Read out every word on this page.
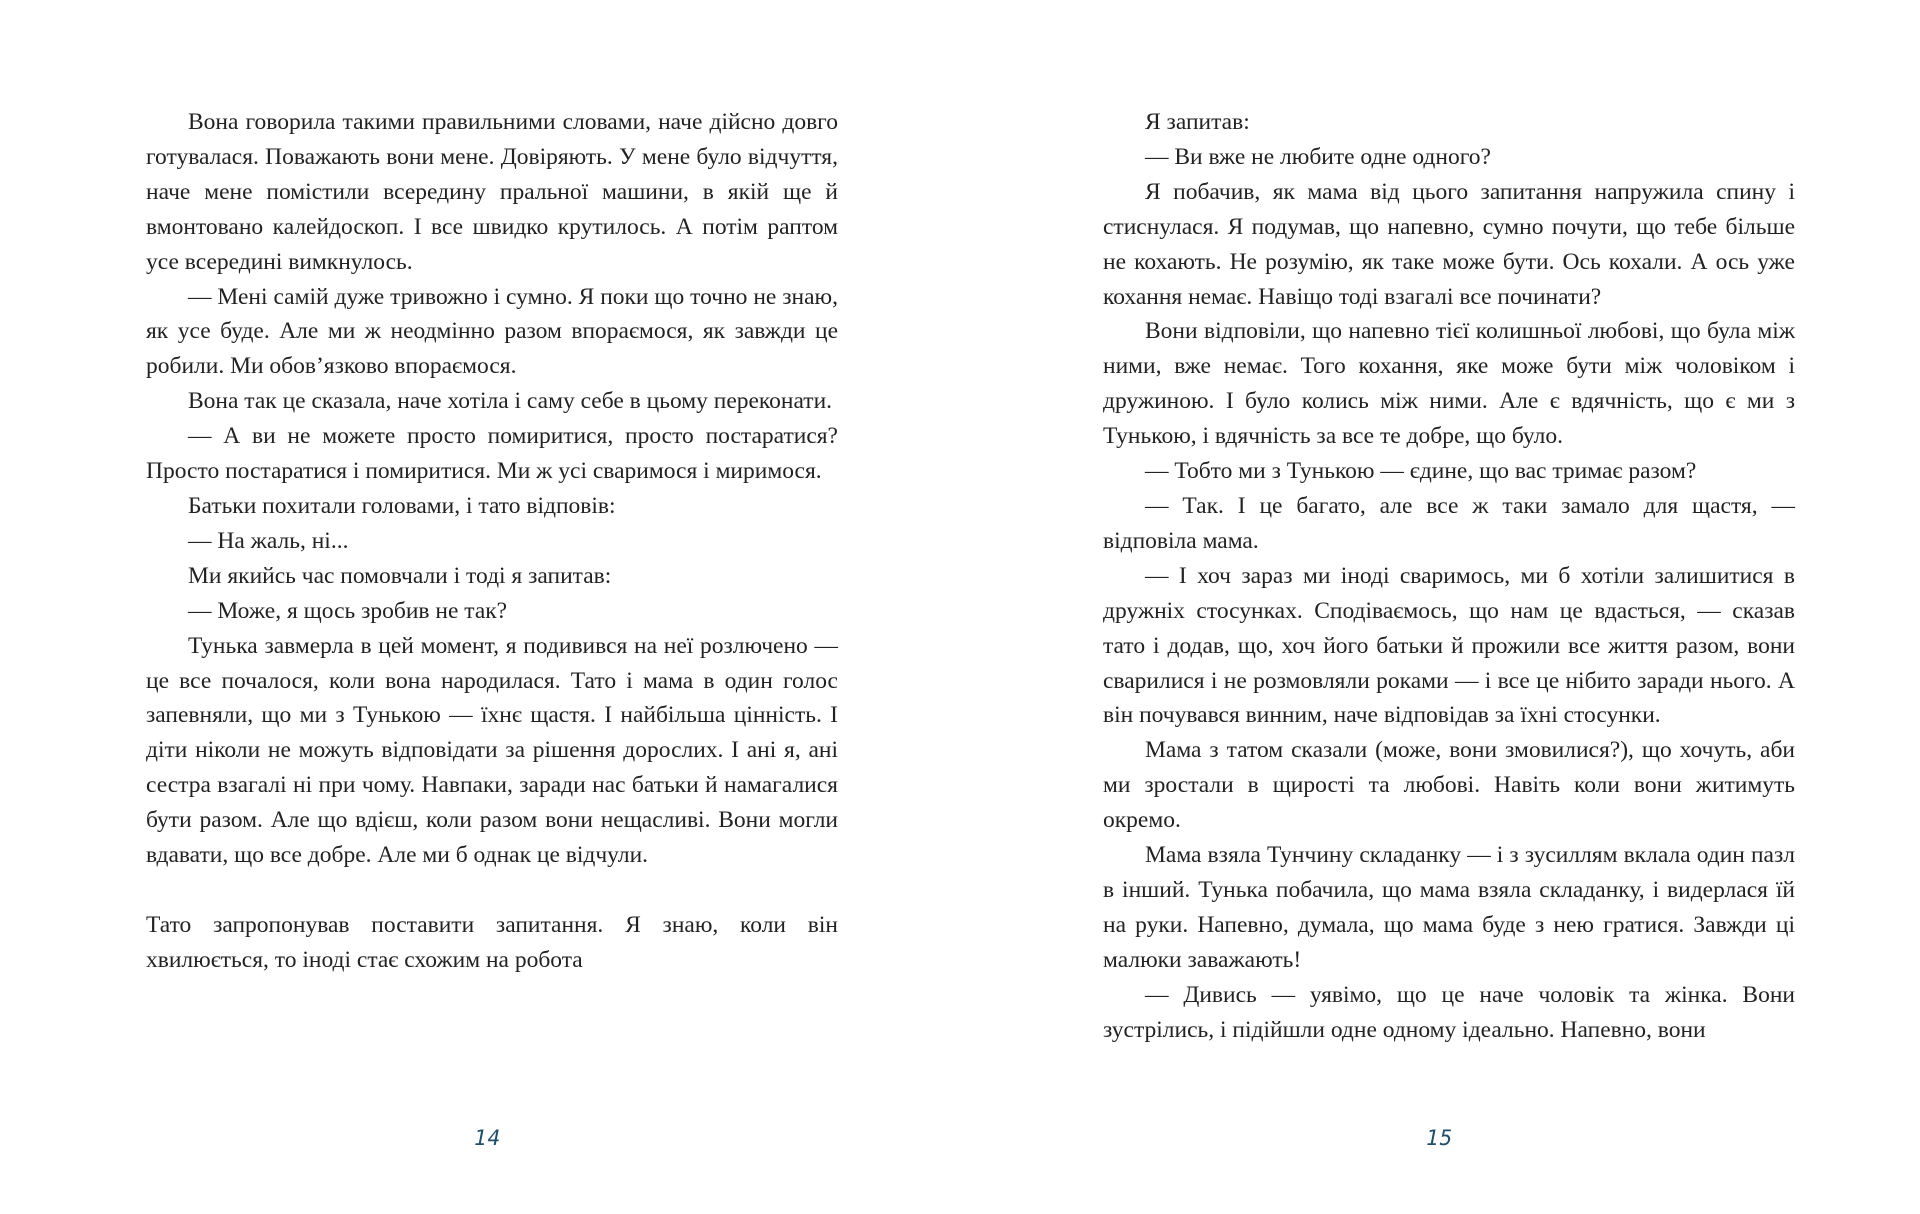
Вона говорила такими правильними словами, наче дійсно довго готувалася. Поважають вони мене. Довіряють. У мене було відчуття, наче мене помістили всередину пральної машини, в якій ще й вмонтовано калейдоскоп. І все швидко крутилось. А потім раптом усе всередині вимкнулось.

— Мені самій дуже тривожно і сумно. Я поки що точно не знаю, як усе буде. Але ми ж неодмінно разом впораємося, як завжди це робили. Ми обов’язково впораємося.

Вона так це сказала, наче хотіла і саму себе в цьому переконати.

— А ви не можете просто помиритися, просто постаратися? Просто постаратися і помиритися. Ми ж усі сваримося і миримося.

Батьки похитали головами, і тато відповів:

— На жаль, ні...

Ми якийсь час помовчали і тоді я запитав:

— Може, я щось зробив не так?

Тунька завмерла в цей момент, я подивився на неї розлючено — це все почалося, коли вона народилася. Тато і мама в один голос запевняли, що ми з Тунькою — їхнє щастя. І найбільша цінність. І діти ніколи не можуть відповідати за рішення дорослих. І ані я, ані сестра взагалі ні при чому. Навпаки, заради нас батьки й намагалися бути разом. Але що вдієш, коли разом вони нещасливі. Вони могли вдавати, що все добре. Але ми б однак це відчули.

Тато запропонував поставити запитання. Я знаю, коли він хвилюється, то іноді стає схожим на робота

Я запитав:

— Ви вже не любите одне одного?

Я побачив, як мама від цього запитання напружила спину і стиснулася. Я подумав, що напевно, сумно почути, що тебе більше не кохають. Не розумію, як таке може бути. Ось кохали. А ось уже кохання немає. Навіщо тоді взагалі все починати?

Вони відповіли, що напевно тієї колишньої любові, що була між ними, вже немає. Того кохання, яке може бути між чоловіком і дружиною. І було колись між ними. Але є вдячність, що є ми з Тунькою, і вдячність за все те добре, що було.

— Тобто ми з Тунькою — єдине, що вас тримає разом?

— Так. І це багато, але все ж таки замало для щастя, — відповіла мама.

— І хоч зараз ми іноді сваримось, ми б хотіли залишитися в дружніх стосунках. Сподіваємось, що нам це вдасться, — сказав тато і додав, що, хоч його батьки й прожили все життя разом, вони сварилися і не розмовляли роками — і все це нібито заради нього. А він почувався винним, наче відповідав за їхні стосунки.

Мама з татом сказали (може, вони змовилися?), що хочуть, аби ми зростали в щирості та любові. Навіть коли вони житимуть окремо.

Мама взяла Тунчину складанку — і з зусиллям вклала один пазл в інший. Тунька побачила, що мама взяла складанку, і видерлася їй на руки. Напевно, думала, що мама буде з нею гратися. Завжди ці малюки заважають!

— Дивись — уявімо, що це наче чоловік та жінка. Вони зустрілись, і підійшли одне одному ідеально. Напевно, вони

14	15
